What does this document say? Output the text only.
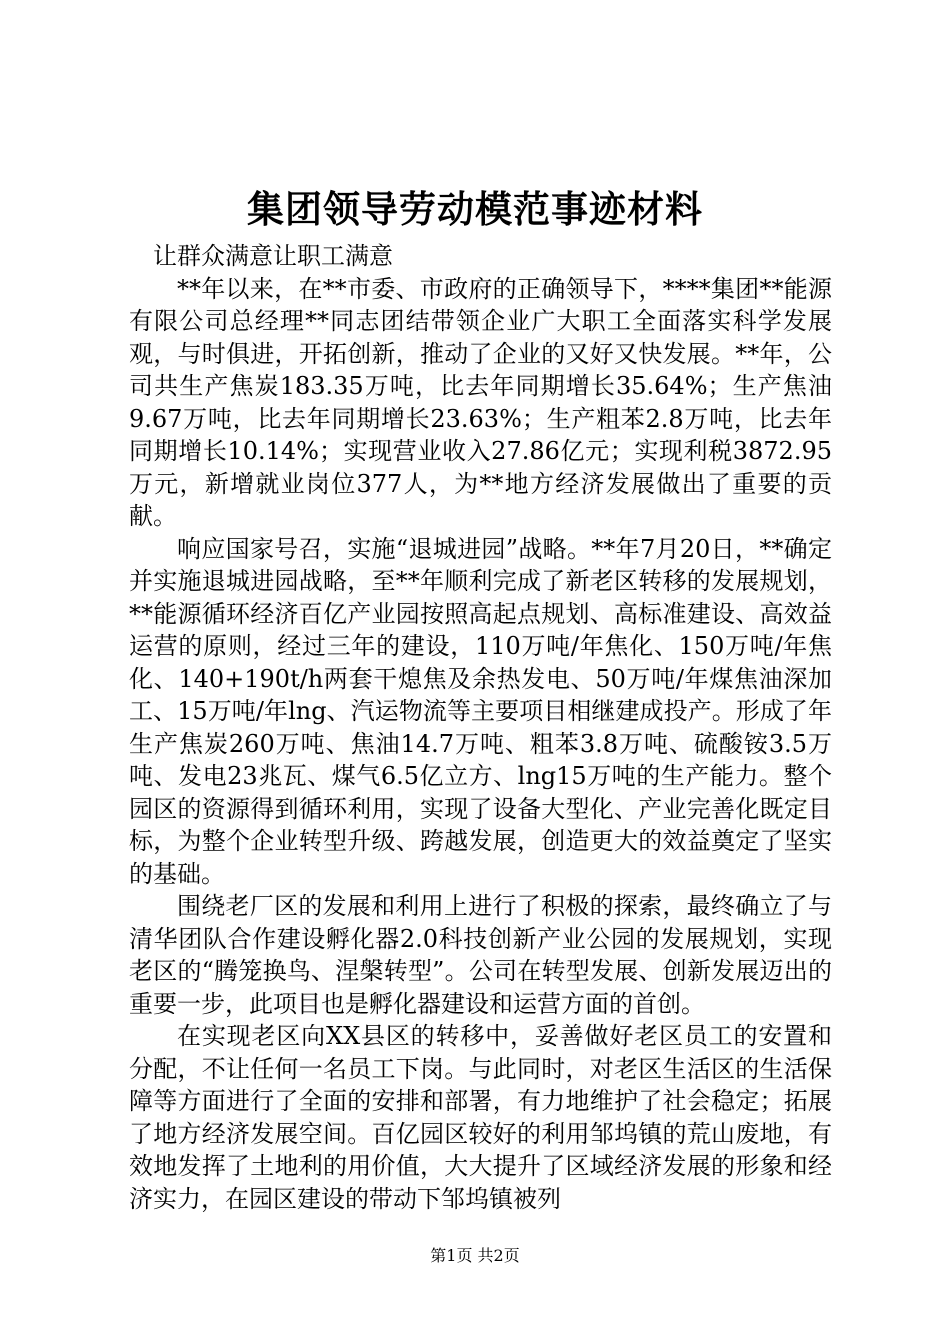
集团领导劳动模范事迹材料

让群众满意让职工满意

**年以来，在**市委、市政府的正确领导下，****集团**能源有限公司总经理**同志团结带领企业广大职工全面落实科学发展观，与时俱进，开拓创新，推动了企业的又好又快发展。**年，公司共生产焦炭183.35万吨，比去年同期增长35.64%；生产焦油9.67万吨，比去年同期增长23.63%；生产粗苯2.8万吨，比去年同期增长10.14%；实现营业收入27.86亿元；实现利税3872.95万元，新增就业岗位377人，为**地方经济发展做出了重要的贡献。

响应国家号召，实施“退城进园”战略。**年7月20日，**确定并实施退城进园战略，至**年顺利完成了新老区转移的发展规划，**能源循环经济百亿产业园按照高起点规划、高标准建设、高效益运营的原则，经过三年的建设，110万吨/年焦化、150万吨/年焦化、140+190t/h两套干熄焦及余热发电、50万吨/年煤焦油深加工、15万吨/年lng、汽运物流等主要项目相继建成投产。形成了年生产焦炭260万吨、焦油14.7万吨、粗苯3.8万吨、硫酸铵3.5万吨、发电23兆瓦、煤气6.5亿立方、lng15万吨的生产能力。整个园区的资源得到循环利用，实现了设备大型化、产业完善化既定目标，为整个企业转型升级、跨越发展，创造更大的效益奠定了坚实的基础。

围绕老厂区的发展和利用上进行了积极的探索，最终确立了与清华团队合作建设孵化器2.0科技创新产业公园的发展规划，实现老区的“腾笼换鸟、涅槃转型”。公司在转型发展、创新发展迈出的重要一步，此项目也是孵化器建设和运营方面的首创。

在实现老区向XX县区的转移中，妥善做好老区员工的安置和分配，不让任何一名员工下岗。与此同时，对老区生活区的生活保障等方面进行了全面的安排和部署，有力地维护了社会稳定；拓展了地方经济发展空间。百亿园区较好的利用邹坞镇的荒山废地，有效地发挥了土地利的用价值，大大提升了区域经济发展的形象和经济实力，在园区建设的带动下邹坞镇被列

第1页 共2页
